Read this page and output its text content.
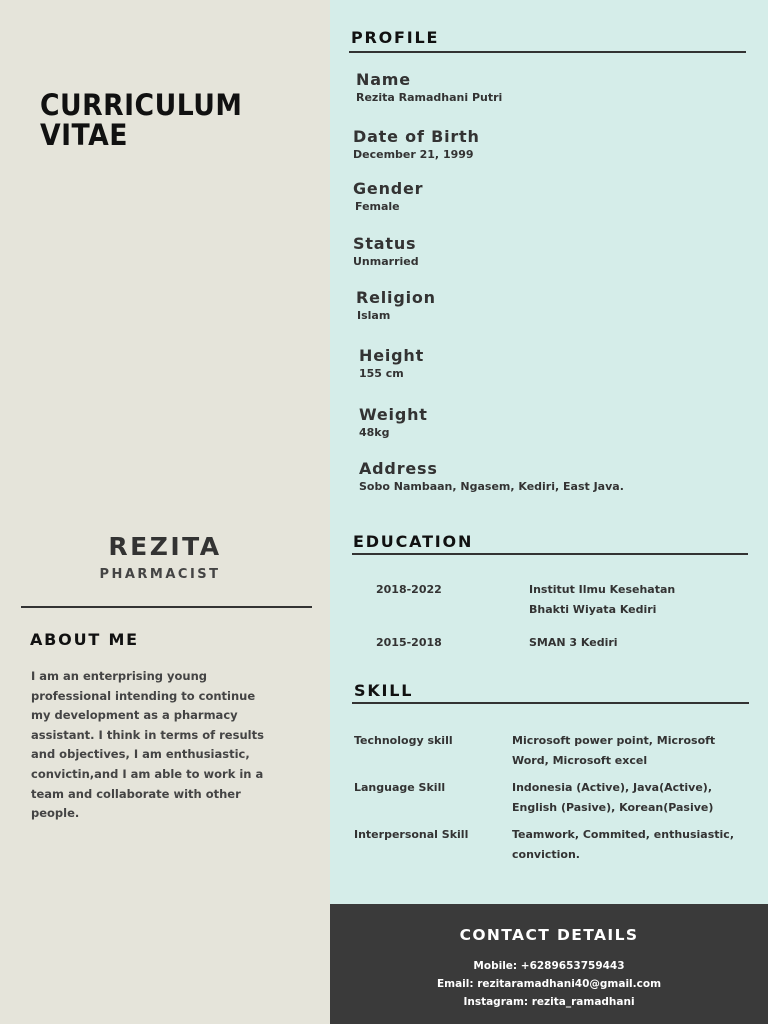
CURRICULUM
VITAE
REZITA
PHARMACIST
ABOUT ME
I am an enterprising young professional intending to continue my development as a pharmacy assistant. I think in terms of results and objectives, I am enthusiastic, convictin,and I am able to work in a team and collaborate with other people.
PROFILE
Name
Rezita Ramadhani Putri
Date of Birth
December 21, 1999
Gender
Female
Status
Unmarried
Religion
Islam
Height
155 cm
Weight
48kg
Address
Sobo Nambaan, Ngasem, Kediri, East Java.
EDUCATION
2018-2022	Institut Ilmu Kesehatan
Bhakti Wiyata Kediri
2015-2018	SMAN 3 Kediri
SKILL
Technology skill	Microsoft power point, Microsoft
Word, Microsoft excel
Language Skill	Indonesia (Active), Java(Active),
English (Pasive), Korean(Pasive)
Interpersonal Skill	Teamwork, Commited, enthusiastic,
conviction.
CONTACT DETAILS
Mobile: +6289653759443
Email: rezitaramadhani40@gmail.com
Instagram: rezita_ramadhani
